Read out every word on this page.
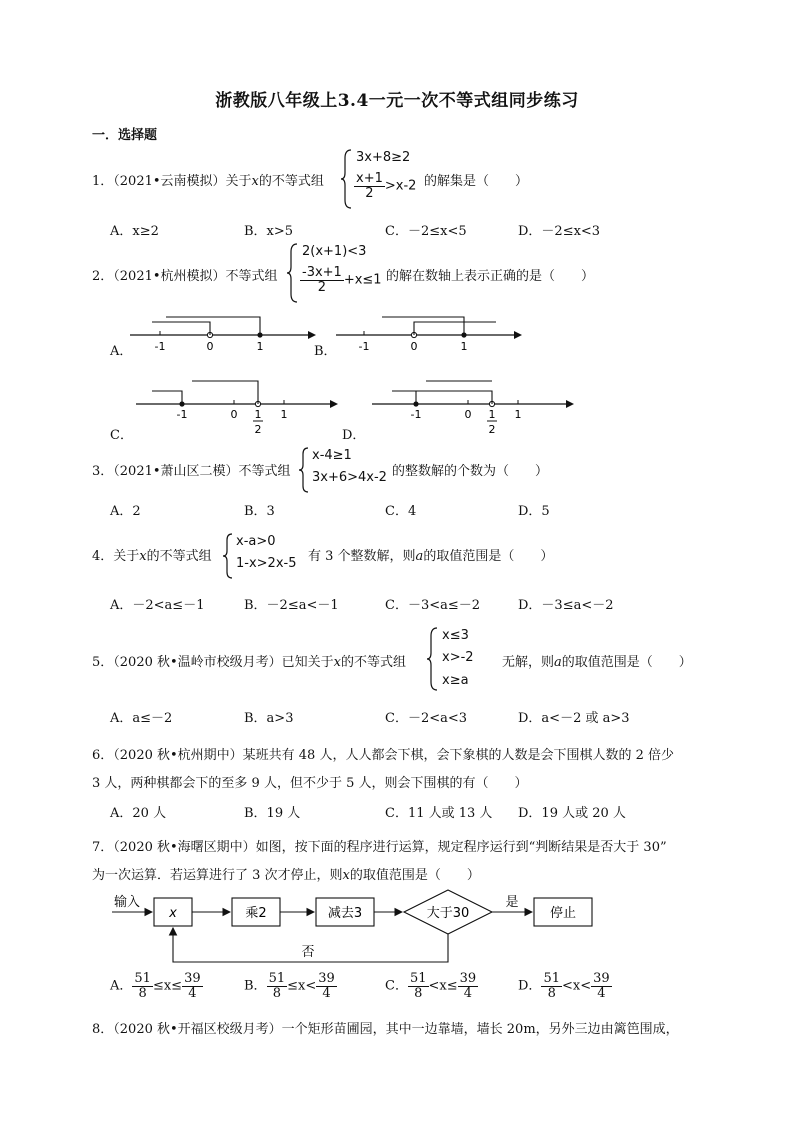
浙教版八年级上3.4一元一次不等式组同步练习
一．选择题
1．（2021•云南模拟）关于x的不等式组
3x+8≥2
$\frac{x+1}{2} >x-2$ 的解集是（　　）
A．x≥2	B．x>5	C．－2≤x<5	D．－2≤x<3
2．（2021•杭州模拟）不等式组
2(x+1)<3
$\frac{-3x+1}{2} +x\le 1$ 的解在数轴上表示正确的是（　　）
A． -1	0	1	B． -1	0	1
C．
-1	0 1
2
1
D．
-1	0 1
2
1
3．（2021•萧山区二模）不等式组
x-4≥1
3x+6>4x-2 的整数解的个数为（　　）
A．2	B．3	C．4	D．5
4．关于x的不等式组
x-a>0
1-x>2x-5 有 3 个整数解，则a的取值范围是（　　）
A．－2<a≤－1	B．－2≤a<－1	C．－3<a≤－2	D．－3≤a<－2
5．（2020 秋•温岭市校级月考）已知关于x的不等式组
x≤3
x>-2
x≥a
无解，则a的取值范围是（　　）
A．a≤－2	B．a>3	C．－2<a<3	D．a<－2 或 a>3
6．（2020 秋•杭州期中）某班共有 48 人，人人都会下棋，会下象棋的人数是会下围棋人数的 2 倍少
3 人，两种棋都会下的至多 9 人，但不少于 5 人，则会下围棋的有（　　）
A．20 人	B．19 人	C．11 人或 13 人 D．19 人或 20 人
7．（2020 秋•海曙区期中）如图，按下面的程序进行运算，规定程序运行到“判断结果是否大于 30”
为一次运算．若运算进行了 3 次才停止，则x的取值范围是（　　）
输入
x	乘2	减去3	大于30
是
停止
否
A． $\frac{51}{8} \le x\le \frac{39}{4}$	B． $\frac{51}{8} \le x< \frac{39}{4}$	C． $\frac{51}{8} <x\le \frac{39}{4}$	D． $\frac{51}{8} <x< \frac{39}{4}$
8．（2020 秋•开福区校级月考）一个矩形苗圃园，其中一边靠墙，墙长 20m，另外三边由篱笆围成，
